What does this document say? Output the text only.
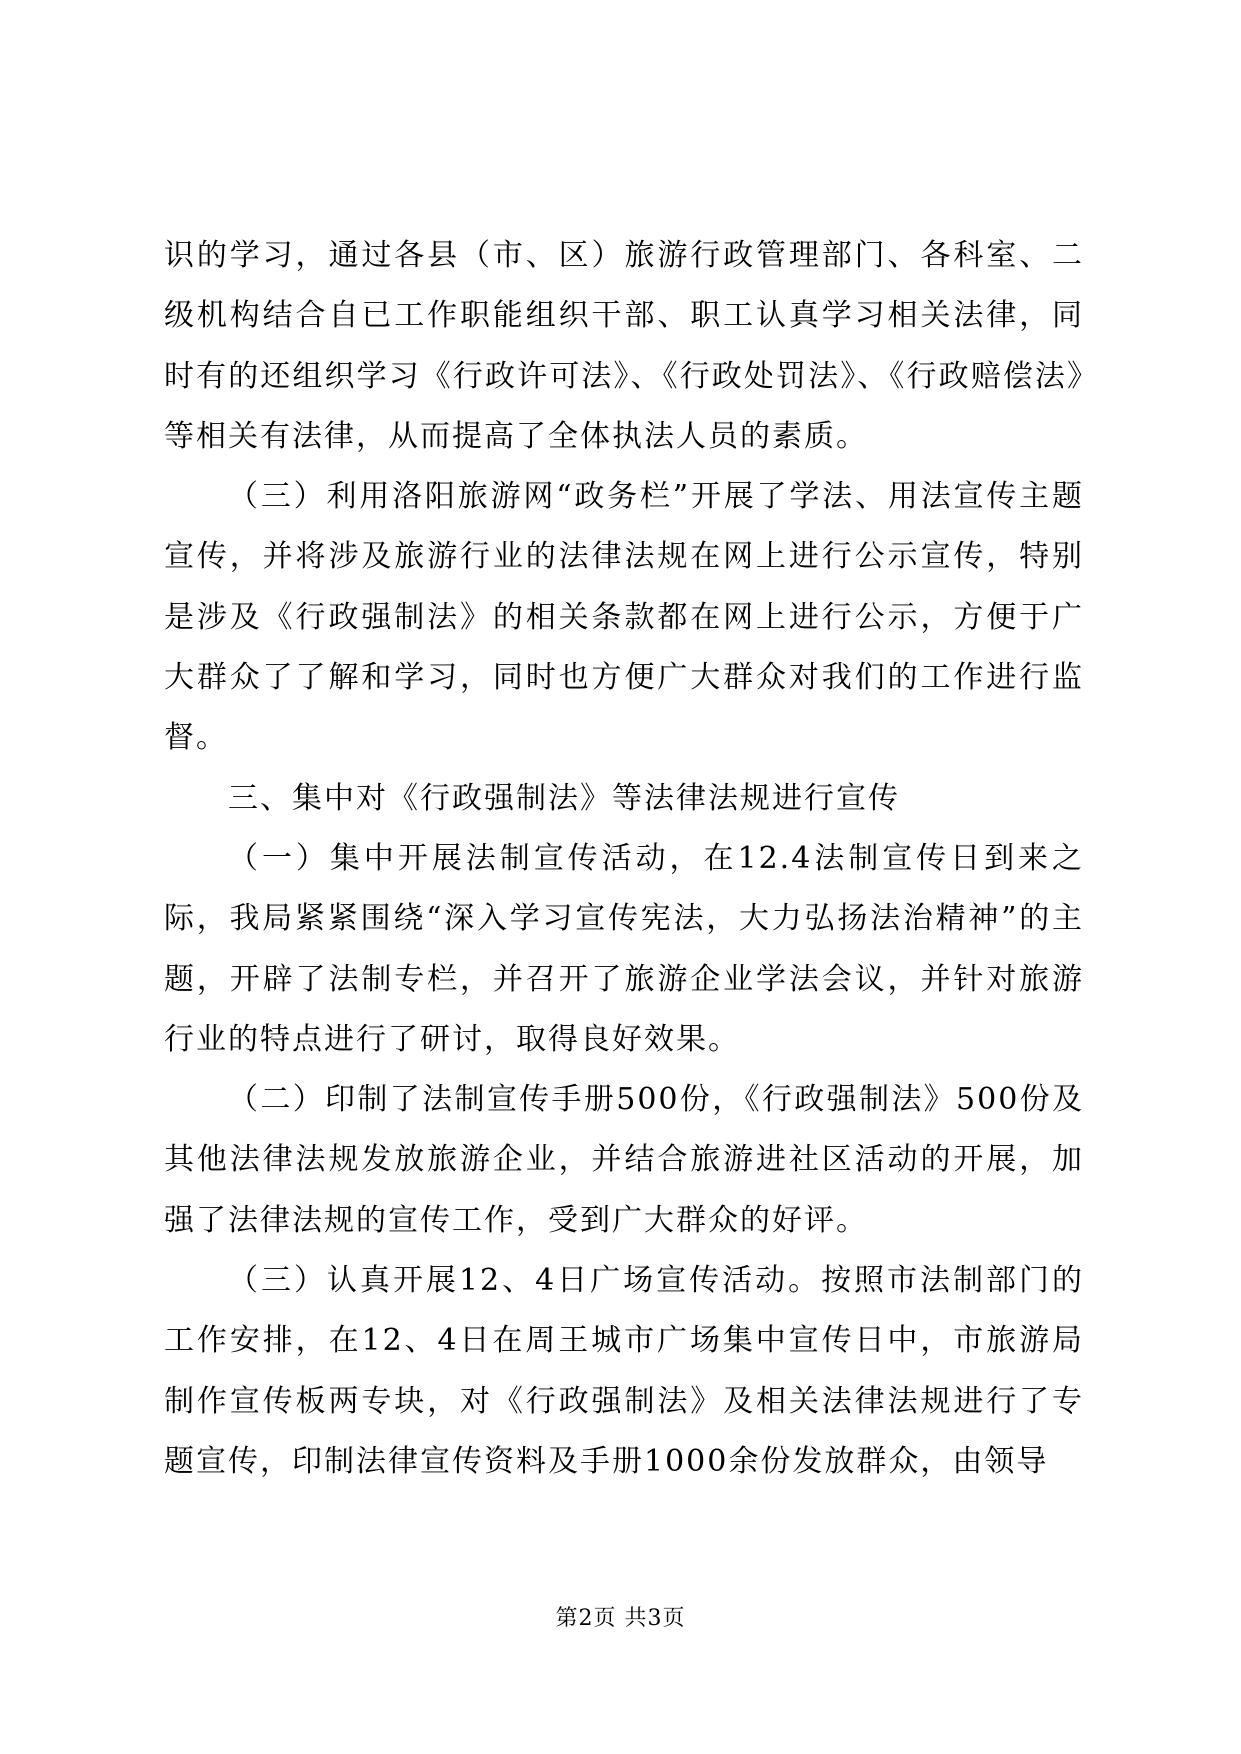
识的学习，通过各县（市、区）旅游行政管理部门、各科室、二级机构结合自已工作职能组织干部、职工认真学习相关法律，同时有的还组织学习《行政许可法》、《行政处罚法》、《行政赔偿法》等相关有法律，从而提高了全体执法人员的素质。

（三）利用洛阳旅游网“政务栏”开展了学法、用法宣传主题宣传，并将涉及旅游行业的法律法规在网上进行公示宣传，特别是涉及《行政强制法》的相关条款都在网上进行公示，方便于广大群众了了解和学习，同时也方便广大群众对我们的工作进行监督。

三、集中对《行政强制法》等法律法规进行宣传

（一）集中开展法制宣传活动，在12.4法制宣传日到来之际，我局紧紧围绕“深入学习宣传宪法，大力弘扬法治精神”的主题，开辟了法制专栏，并召开了旅游企业学法会议，并针对旅游行业的特点进行了研讨，取得良好效果。

（二）印制了法制宣传手册500份，《行政强制法》500份及其他法律法规发放旅游企业，并结合旅游进社区活动的开展，加强了法律法规的宣传工作，受到广大群众的好评。

（三）认真开展12、4日广场宣传活动。按照市法制部门的工作安排，在12、4日在周王城市广场集中宣传日中，市旅游局制作宣传板两专块，对《行政强制法》及相关法律法规进行了专题宣传，印制法律宣传资料及手册1000余份发放群众，由领导

第2页 共3页
